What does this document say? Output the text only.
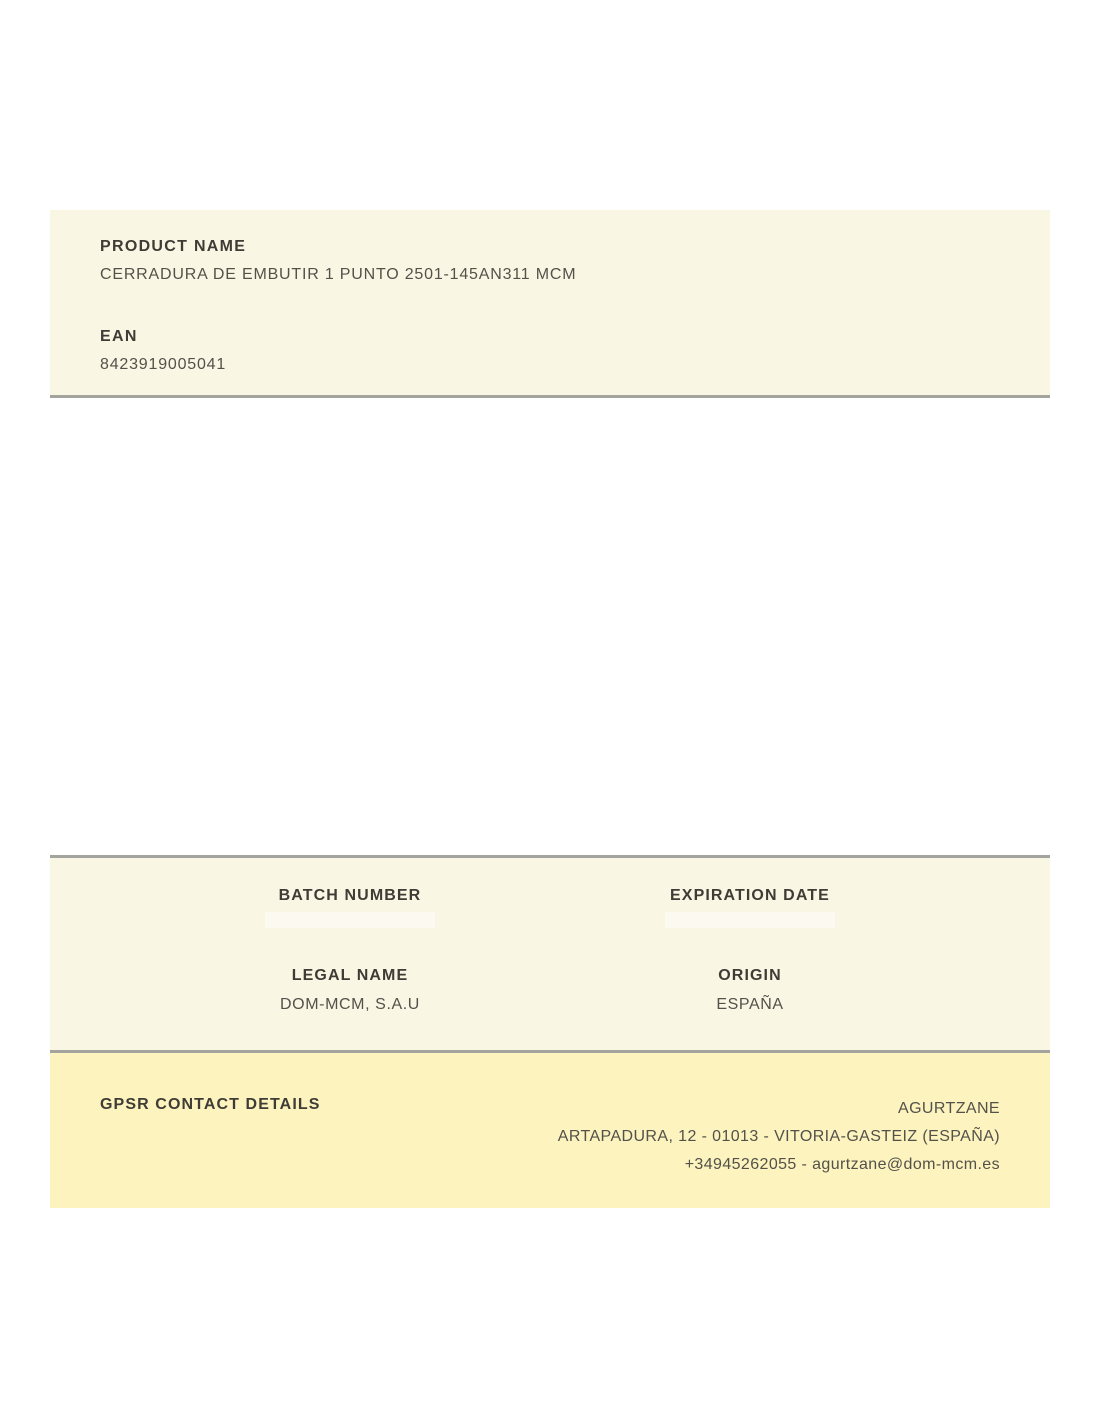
PRODUCT NAME
CERRADURA DE EMBUTIR 1 PUNTO 2501-145AN311 MCM
EAN
8423919005041
BATCH NUMBER	EXPIRATION DATE
LEGAL NAME
DOM-MCM, S.A.U
ORIGIN
ESPAÑA
GPSR CONTACT DETAILS	AGURTZANE
ARTAPADURA, 12 - 01013 - VITORIA-GASTEIZ (ESPAÑA)
+34945262055 - agurtzane@dom-mcm.es
